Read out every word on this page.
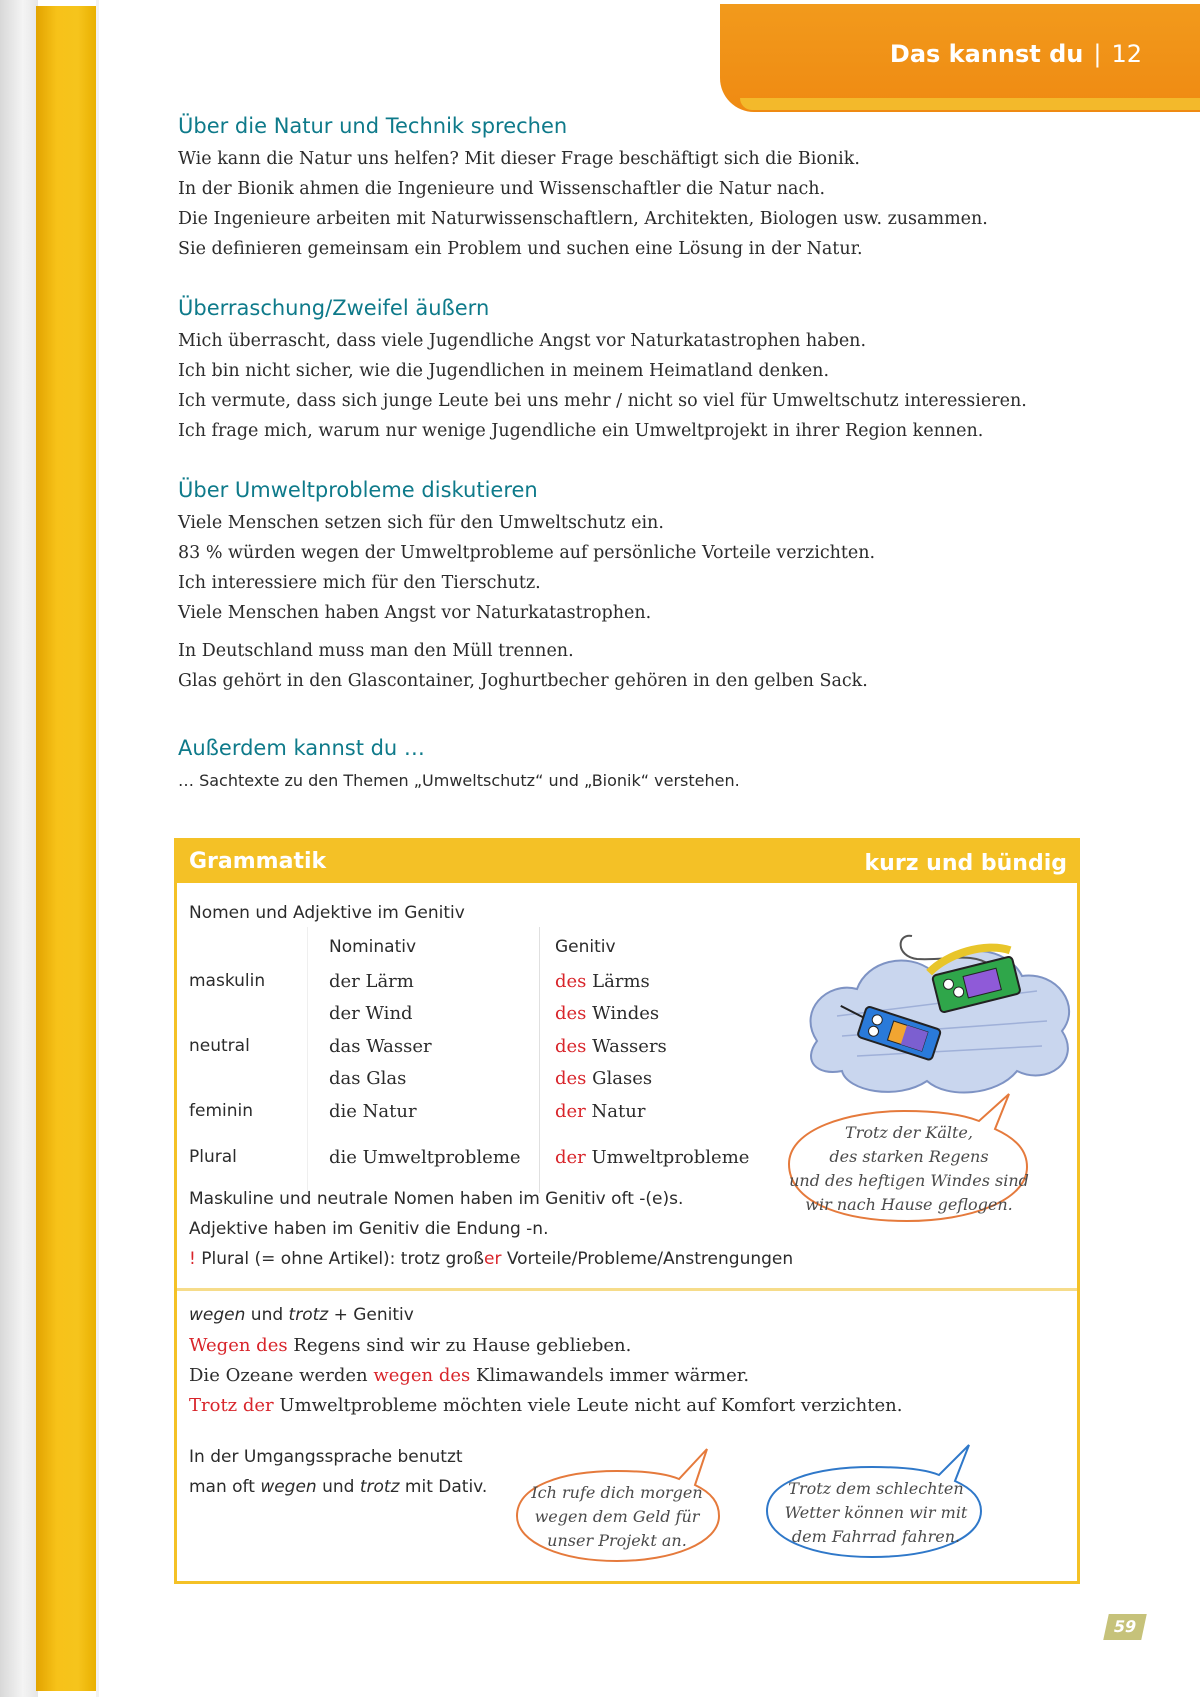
Das kannst du | 12
Über die Natur und Technik sprechen
Wie kann die Natur uns helfen? Mit dieser Frage beschäftigt sich die Bionik.
In der Bionik ahmen die Ingenieure und Wissenschaftler die Natur nach.
Die Ingenieure arbeiten mit Naturwissenschaftlern, Architekten, Biologen usw. zusammen.
Sie definieren gemeinsam ein Problem und suchen eine Lösung in der Natur.
Überraschung/Zweifel äußern
Mich überrascht, dass viele Jugendliche Angst vor Naturkatastrophen haben.
Ich bin nicht sicher, wie die Jugendlichen in meinem Heimatland denken.
Ich vermute, dass sich junge Leute bei uns mehr / nicht so viel für Umweltschutz interessieren.
Ich frage mich, warum nur wenige Jugendliche ein Umweltprojekt in ihrer Region kennen.
Über Umweltprobleme diskutieren
Viele Menschen setzen sich für den Umweltschutz ein.
83 % würden wegen der Umweltprobleme auf persönliche Vorteile verzichten.
Ich interessiere mich für den Tierschutz.
Viele Menschen haben Angst vor Naturkatastrophen.
In Deutschland muss man den Müll trennen.
Glas gehört in den Glascontainer, Joghurtbecher gehören in den gelben Sack.
Außerdem kannst du …
… Sachtexte zu den Themen „Umweltschutz“ und „Bionik“ verstehen.
Grammatik	kurz und bündig
Nomen und Adjektive im Genitiv
Nominativ	Genitiv
maskulin	der Lärm	des Lärms
der Wind	des Windes
neutral	das Wasser	des Wassers
das Glas	des Glases
feminin	die Natur	der Natur
Plural	die Umweltprobleme der Umweltprobleme
Maskuline und neutrale Nomen haben im Genitiv oft -(e)s.
Adjektive haben im Genitiv die Endung -n.
! Plural (= ohne Artikel): trotz großer Vorteile/Probleme/Anstrengungen
Trotz der Kälte,
des starken Regens
und des heftigen Windes sind
wir nach Hause geflogen.
wegen und trotz + Genitiv
Wegen des Regens sind wir zu Hause geblieben.
Die Ozeane werden wegen des Klimawandels immer wärmer.
Trotz der Umweltprobleme möchten viele Leute nicht auf Komfort verzichten.
In der Umgangssprache benutzt
man oft wegen und trotz mit Dativ.	Ich rufe dich morgen
wegen dem Geld für
unser Projekt an.
Trotz dem schlechten
Wetter können wir mit
dem Fahrrad fahren.
59
